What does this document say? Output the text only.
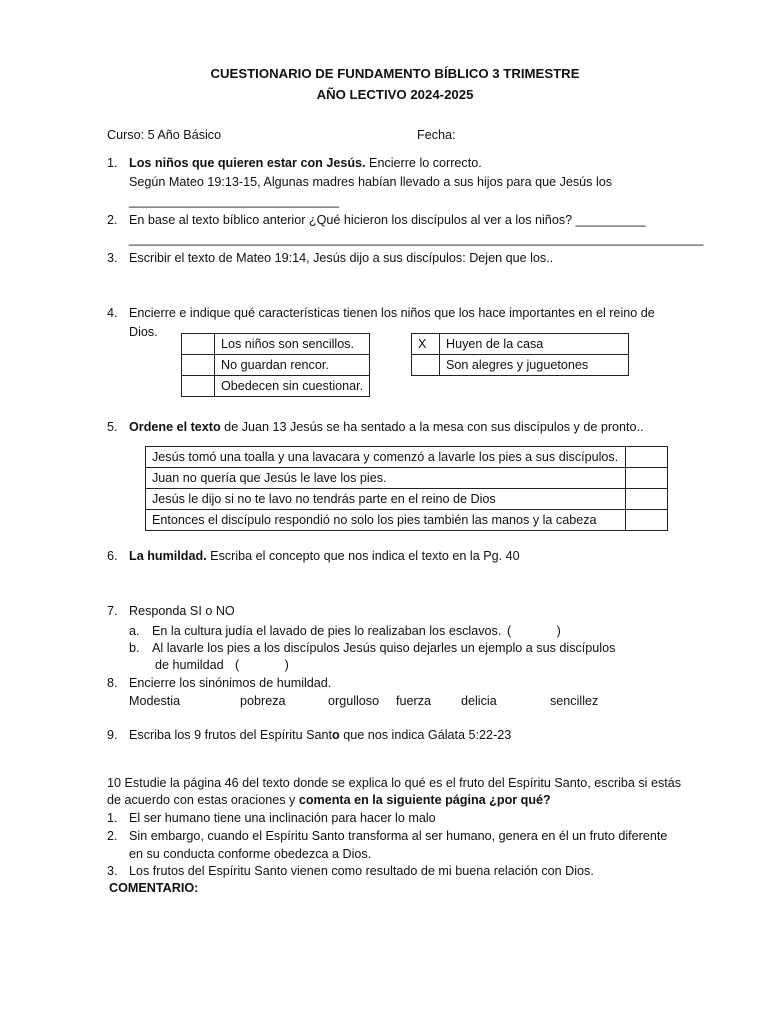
CUESTIONARIO DE FUNDAMENTO BÍBLICO 3 TRIMESTRE
AÑO LECTIVO 2024-2025
Curso: 5 Año Básico	Fecha:
1. Los niños que quieren estar con Jesús. Encierre lo correcto.
Según Mateo 19:13-15, Algunas madres habían llevado a sus hijos para que Jesús los
______________________________
2. En base al texto bíblico anterior ¿Qué hicieron los discípulos al ver a los niños? __________
__________________________________________________________________________________
3. Escribir el texto de Mateo 19:14, Jesús dijo a sus discípulos: Dejen que los..
4. Encierre e indique qué características tienen los niños que los hace importantes en el reino de
Dios.
	Los niños son sencillos.
	No guardan rencor.
	Obedecen sin cuestionar.
X	Huyen de la casa
	Son alegres y juguetones
5. Ordene el texto de Juan 13 Jesús se ha sentado a la mesa con sus discípulos y de pronto..
Jesús tomó una toalla y una lavacara y comenzó a lavarle los pies a sus discípulos.	
Juan no quería que Jesús le lave los pies.	
Jesús le dijo si no te lavo no tendrás parte en el reino de Dios	
Entonces el discípulo respondió no solo los pies también las manos y la cabeza	
6. La humildad. Escriba el concepto que nos indica el texto en la Pg. 40
7. Responda SI o NO
a. En la cultura judía el lavado de pies lo realizaban los esclavos. (             )
b. Al lavarle los pies a los discípulos Jesús quiso dejarles un ejemplo a sus discípulos
de humildad (             )
8. Encierre los sinónimos de humildad.
Modestia	pobreza	orgulloso fuerza delicia	sencillez
9. Escriba los 9 frutos del Espíritu Santo que nos indica Gálata 5:22-23
10 Estudie la página 46 del texto donde se explica lo qué es el fruto del Espíritu Santo, escriba si estás
de acuerdo con estas oraciones y comenta en la siguiente página ¿por qué?
1. El ser humano tiene una inclinación para hacer lo malo
2. Sin embargo, cuando el Espíritu Santo transforma al ser humano, genera en él un fruto diferente
en su conducta conforme obedezca a Dios.
3. Los frutos del Espíritu Santo vienen como resultado de mi buena relación con Dios.
COMENTARIO:
